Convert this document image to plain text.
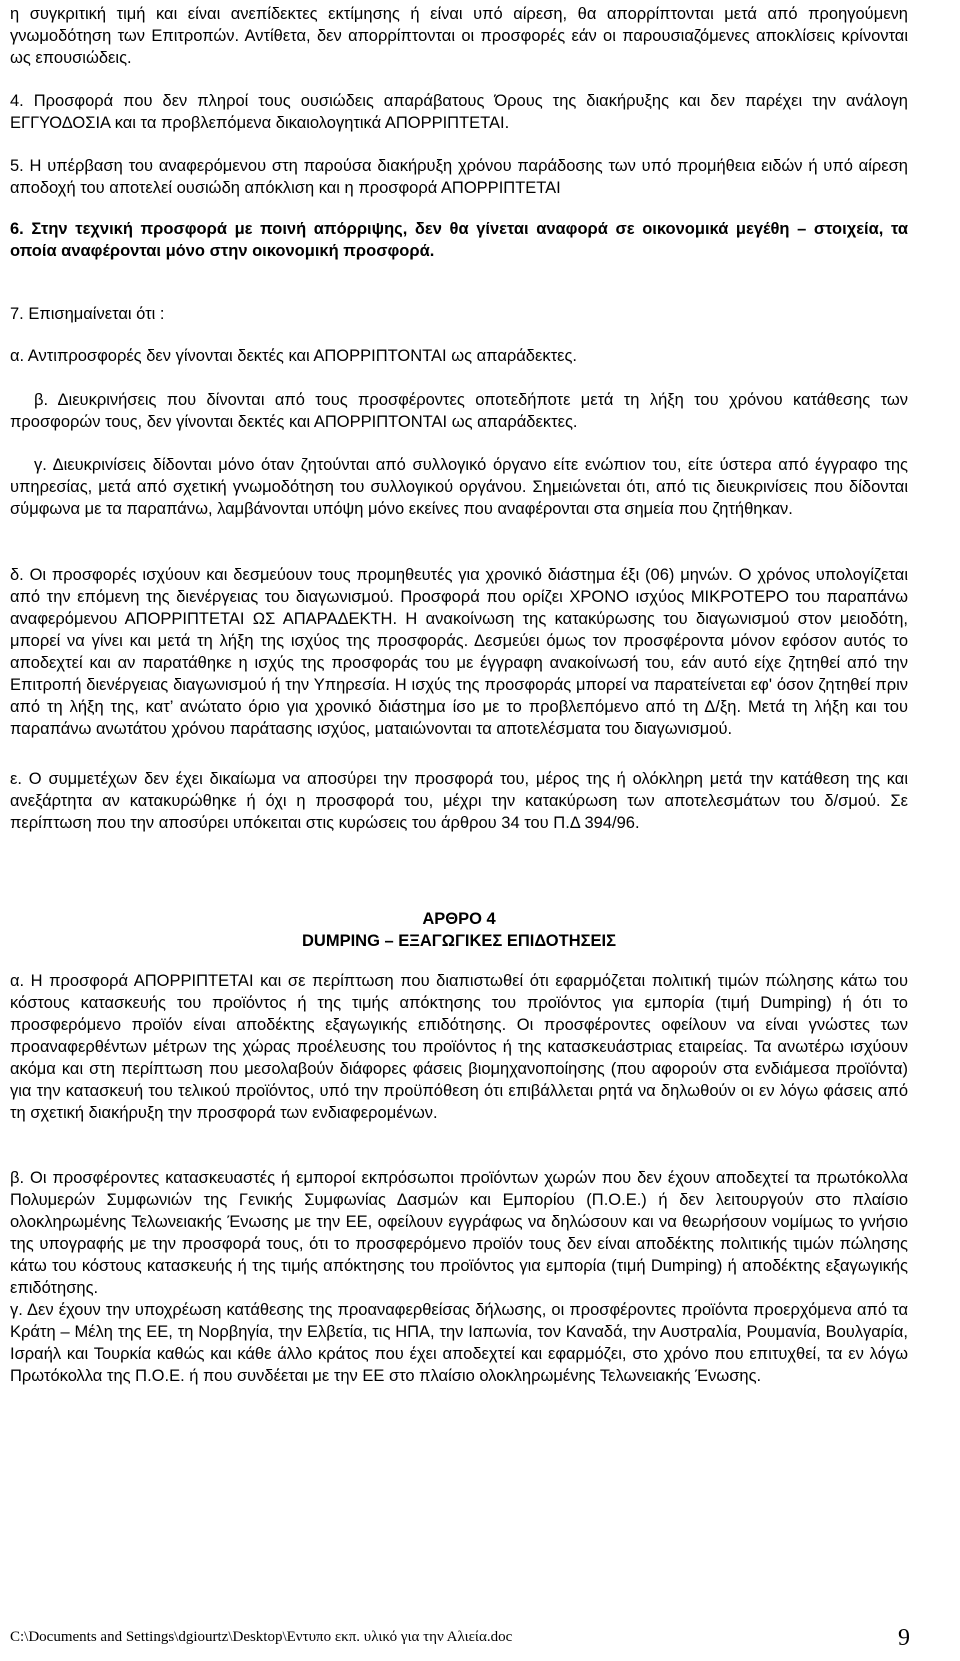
η συγκριτική τιμή και είναι ανεπίδεκτες εκτίμησης ή είναι υπό αίρεση, θα απορρίπτονται μετά από προηγούμενη γνωμοδότηση των Επιτροπών. Αντίθετα, δεν απορρίπτονται οι προσφορές εάν οι παρουσιαζόμενες αποκλίσεις κρίνονται ως επουσιώδεις.

4. Προσφορά που δεν πληροί τους ουσιώδεις απαράβατους Όρους της διακήρυξης και δεν παρέχει την ανάλογη ΕΓΓΥΟΔΟΣΙΑ και τα προβλεπόμενα δικαιολογητικά ΑΠΟΡΡΙΠΤΕΤΑΙ.

5. Η υπέρβαση του αναφερόμενου στη παρούσα διακήρυξη χρόνου παράδοσης των υπό προμήθεια ειδών ή υπό αίρεση αποδοχή του αποτελεί ουσιώδη απόκλιση και η προσφορά ΑΠΟΡΡΙΠΤΕΤΑΙ

6. Στην τεχνική προσφορά με ποινή απόρριψης, δεν θα γίνεται αναφορά σε οικονομικά μεγέθη – στοιχεία, τα οποία αναφέρονται μόνο στην οικονομική προσφορά.

7. Επισημαίνεται ότι :

α. Αντιπροσφορές δεν γίνονται δεκτές και ΑΠΟΡΡΙΠΤΟΝΤΑΙ ως απαράδεκτες.

β. Διευκρινήσεις που δίνονται από τους προσφέροντες οποτεδήποτε μετά τη λήξη του χρόνου κατάθεσης των προσφορών τους, δεν γίνονται δεκτές και ΑΠΟΡΡΙΠΤΟΝΤΑΙ ως απαράδεκτες.

γ. Διευκρινίσεις δίδονται μόνο όταν ζητούνται από συλλογικό όργανο είτε ενώπιον του, είτε ύστερα από έγγραφο της υπηρεσίας, μετά από σχετική γνωμοδότηση του συλλογικού οργάνου. Σημειώνεται ότι, από τις διευκρινίσεις που δίδονται σύμφωνα με τα παραπάνω, λαμβάνονται υπόψη μόνο εκείνες που αναφέρονται στα σημεία που ζητήθηκαν.

δ. Οι προσφορές ισχύουν και δεσμεύουν τους προμηθευτές για χρονικό διάστημα έξι (06) μηνών. Ο χρόνος υπολογίζεται από την επόμενη της διενέργειας του διαγωνισμού. Προσφορά που ορίζει ΧΡΟΝΟ ισχύος ΜΙΚΡΟΤΕΡΟ του παραπάνω αναφερόμενου ΑΠΟΡΡΙΠΤΕΤΑΙ ΩΣ ΑΠΑΡΑΔΕΚΤΗ. Η ανακοίνωση της κατακύρωσης του διαγωνισμού στον μειοδότη, μπορεί να γίνει και μετά τη λήξη της ισχύος της προσφοράς. Δεσμεύει όμως τον προσφέροντα μόνον εφόσον αυτός το αποδεχτεί και αν παρατάθηκε η ισχύς της προσφοράς του με έγγραφη ανακοίνωσή του, εάν αυτό είχε ζητηθεί από την Επιτροπή διενέργειας διαγωνισμού ή την Υπηρεσία. Η ισχύς της προσφοράς μπορεί να παρατείνεται εφ' όσον ζητηθεί πριν από τη λήξη της, κατ’ ανώτατο όριο για χρονικό διάστημα ίσο με το προβλεπόμενο από τη Δ/ξη. Μετά τη λήξη και του παραπάνω ανωτάτου χρόνου παράτασης ισχύος, ματαιώνονται τα αποτελέσματα του διαγωνισμού.

ε. Ο συμμετέχων δεν έχει δικαίωμα να αποσύρει την προσφορά του, μέρος της ή ολόκληρη μετά την κατάθεση της και ανεξάρτητα αν κατακυρώθηκε ή όχι η προσφορά του, μέχρι την κατακύρωση των αποτελεσμάτων του δ/σμού. Σε περίπτωση που την αποσύρει υπόκειται στις κυρώσεις του άρθρου 34 του Π.Δ 394/96.

ΑΡΘΡΟ 4
DUMPING – ΕΞΑΓΩΓΙΚΕΣ ΕΠΙΔΟΤΗΣΕΙΣ

α. Η προσφορά ΑΠΟΡΡΙΠΤΕΤΑΙ και σε περίπτωση που διαπιστωθεί ότι εφαρμόζεται πολιτική τιμών πώλησης κάτω του κόστους κατασκευής του προϊόντος ή της τιμής απόκτησης του προϊόντος για εμπορία (τιμή Dumping) ή ότι το προσφερόμενο προϊόν είναι αποδέκτης εξαγωγικής επιδότησης. Οι προσφέροντες οφείλουν να είναι γνώστες των προαναφερθέντων μέτρων της χώρας προέλευσης του προϊόντος ή της κατασκευάστριας εταιρείας. Τα ανωτέρω ισχύουν ακόμα και στη περίπτωση που μεσολαβούν διάφορες φάσεις βιομηχανοποίησης (που αφορούν στα ενδιάμεσα προϊόντα) για την κατασκευή του τελικού προϊόντος, υπό την προϋπόθεση ότι επιβάλλεται ρητά να δηλωθούν οι εν λόγω φάσεις από τη σχετική διακήρυξη την προσφορά των ενδιαφερομένων.

β. Οι προσφέροντες κατασκευαστές ή εμποροί εκπρόσωποι προϊόντων χωρών που δεν έχουν αποδεχτεί τα πρωτόκολλα Πολυμερών Συμφωνιών της Γενικής Συμφωνίας Δασμών και Εμπορίου (Π.Ο.Ε.) ή δεν λειτουργούν στο πλαίσιο ολοκληρωμένης Τελωνειακής Ένωσης με την ΕΕ, οφείλουν εγγράφως να δηλώσουν και να θεωρήσουν νομίμως το γνήσιο της υπογραφής με την προσφορά τους, ότι το προσφερόμενο προϊόν τους δεν είναι αποδέκτης πολιτικής τιμών πώλησης κάτω του κόστους κατασκευής ή της τιμής απόκτησης του προϊόντος για εμπορία (τιμή Dumping) ή αποδέκτης εξαγωγικής επιδότησης.

γ. Δεν έχουν την υποχρέωση κατάθεσης της προαναφερθείσας δήλωσης, οι προσφέροντες προϊόντα προερχόμενα από τα Κράτη – Μέλη της ΕΕ, τη Νορβηγία, την Ελβετία, τις ΗΠΑ, την Ιαπωνία, τον Καναδά, την Αυστραλία, Ρουμανία, Βουλγαρία, Ισραήλ και Τουρκία καθώς και κάθε άλλο κράτος που έχει αποδεχτεί και εφαρμόζει, στο χρόνο που επιτυχθεί, τα εν λόγω Πρωτόκολλα της Π.Ο.Ε. ή που συνδέεται με την ΕΕ στο πλαίσιο ολοκληρωμένης Τελωνειακής Ένωσης.

C:\Documents and Settings\dgiourtz\Desktop\Εντυπο εκπ. υλικό για την Αλιεία.doc	9
